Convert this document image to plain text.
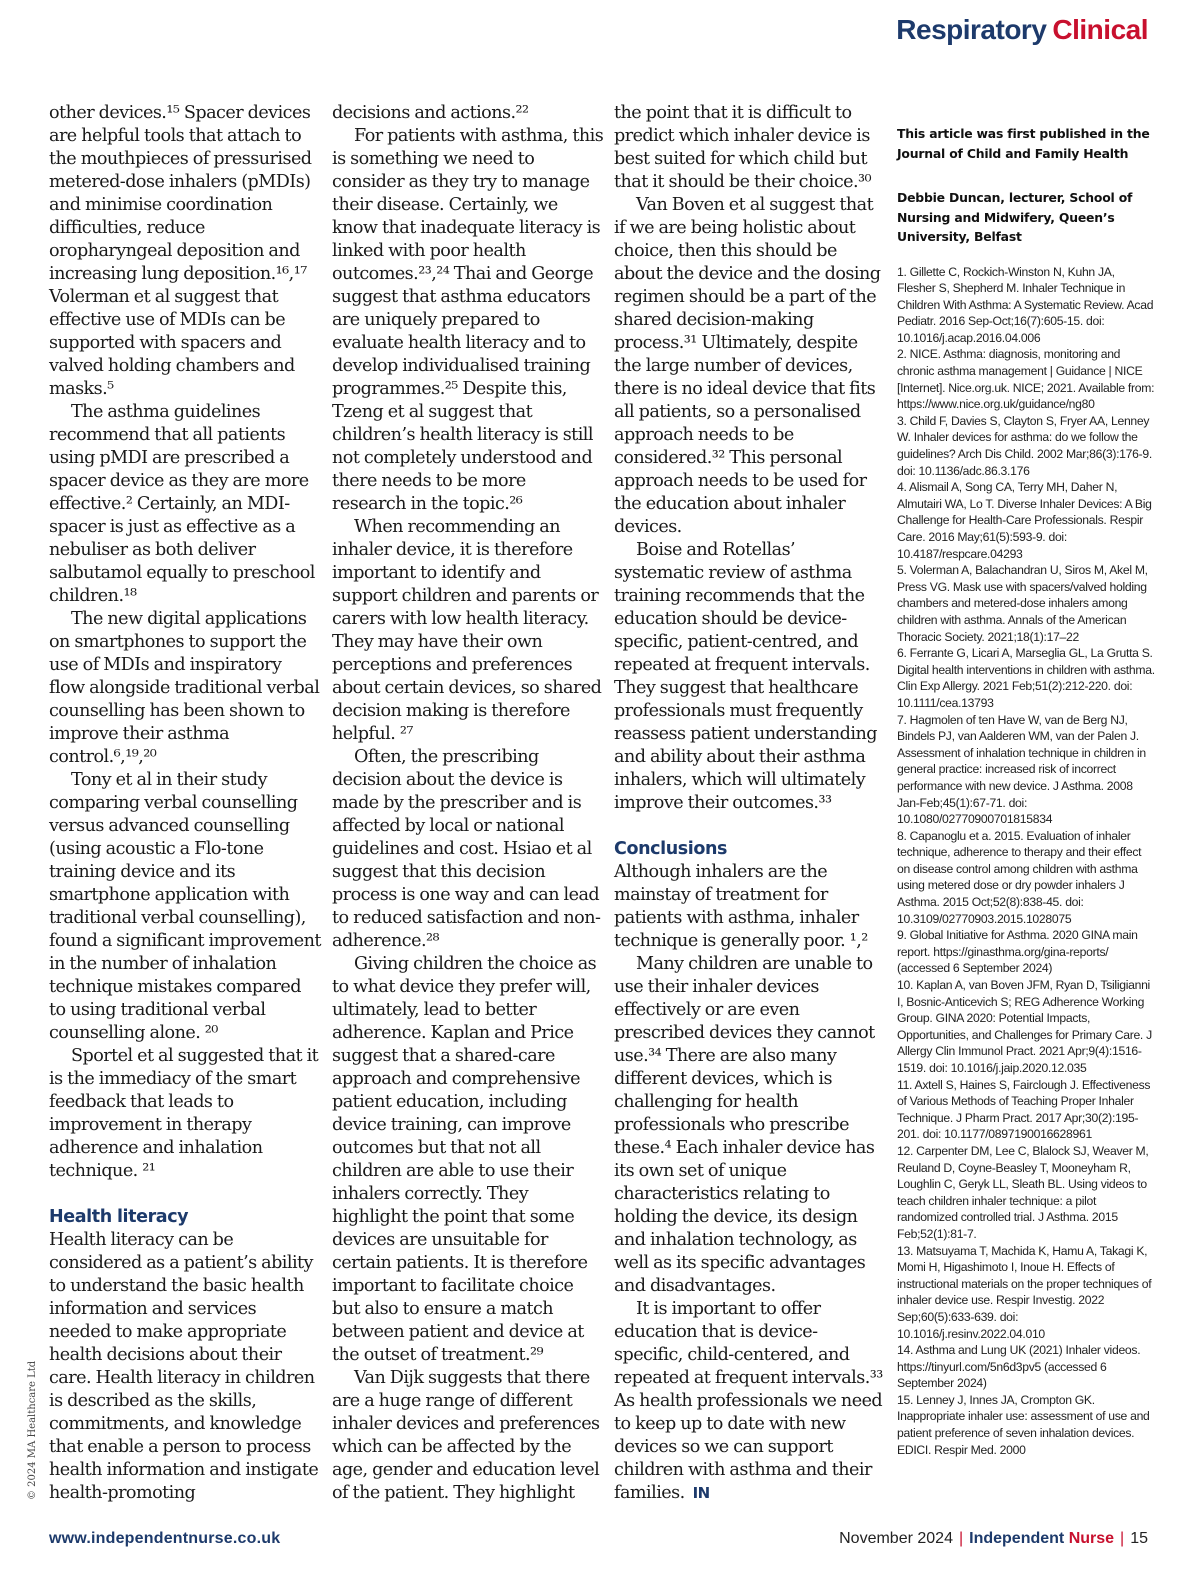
Respiratory Clinical

other devices.¹⁵ Spacer devices are helpful tools that attach to the mouthpieces of pressurised metered-dose inhalers (pMDIs) and minimise coordination difficulties, reduce oropharyngeal deposition and increasing lung deposition.¹⁶,¹⁷ Volerman et al suggest that effective use of MDIs can be supported with spacers and valved holding chambers and masks.⁵

The asthma guidelines recommend that all patients using pMDI are prescribed a spacer device as they are more effective.² Certainly, an MDI-spacer is just as effective as a nebuliser as both deliver salbutamol equally to preschool children.¹⁸

The new digital applications on smartphones to support the use of MDIs and inspiratory flow alongside traditional verbal counselling has been shown to improve their asthma control.⁶,¹⁹,²⁰

Tony et al in their study comparing verbal counselling versus advanced counselling (using acoustic a Flo-tone training device and its smartphone application with traditional verbal counselling), found a significant improvement in the number of inhalation technique mistakes compared to using traditional verbal counselling alone. ²⁰

Sportel et al suggested that it is the immediacy of the smart feedback that leads to improvement in therapy adherence and inhalation technique. ²¹

Health literacy

Health literacy can be considered as a patient’s ability to understand the basic health information and services needed to make appropriate health decisions about their care. Health literacy in children is described as the skills, commitments, and knowledge that enable a person to process health information and instigate health-promoting

decisions and actions.²²

For patients with asthma, this is something we need to consider as they try to manage their disease. Certainly, we know that inadequate literacy is linked with poor health outcomes.²³,²⁴ Thai and George suggest that asthma educators are uniquely prepared to evaluate health literacy and to develop individualised training programmes.²⁵ Despite this, Tzeng et al suggest that children’s health literacy is still not completely understood and there needs to be more research in the topic.²⁶

When recommending an inhaler device, it is therefore important to identify and support children and parents or carers with low health literacy. They may have their own perceptions and preferences about certain devices, so shared decision making is therefore helpful. ²⁷

Often, the prescribing decision about the device is made by the prescriber and is affected by local or national guidelines and cost. Hsiao et al suggest that this decision process is one way and can lead to reduced satisfaction and non-adherence.²⁸

Giving children the choice as to what device they prefer will, ultimately, lead to better adherence. Kaplan and Price suggest that a shared-care approach and comprehensive patient education, including device training, can improve outcomes but that not all children are able to use their inhalers correctly. They highlight the point that some devices are unsuitable for certain patients. It is therefore important to facilitate choice but also to ensure a match between patient and device at the outset of treatment.²⁹

Van Dijk suggests that there are a huge range of different inhaler devices and preferences which can be affected by the age, gender and education level of the patient. They highlight

the point that it is difficult to predict which inhaler device is best suited for which child but that it should be their choice.³⁰

Van Boven et al suggest that if we are being holistic about choice, then this should be about the device and the dosing regimen should be a part of the shared decision-making process.³¹ Ultimately, despite the large number of devices, there is no ideal device that fits all patients, so a personalised approach needs to be considered.³² This personal approach needs to be used for the education about inhaler devices.

Boise and Rotellas’ systematic review of asthma training recommends that the education should be device-specific, patient-centred, and repeated at frequent intervals. They suggest that healthcare professionals must frequently reassess patient understanding and ability about their asthma inhalers, which will ultimately improve their outcomes.³³

Conclusions

Although inhalers are the mainstay of treatment for patients with asthma, inhaler technique is generally poor. ¹,²

Many children are unable to use their inhaler devices effectively or are even prescribed devices they cannot use.³⁴ There are also many different devices, which is challenging for health professionals who prescribe these.⁴ Each inhaler device has its own set of unique characteristics relating to holding the device, its design and inhalation technology, as well as its specific advantages and disadvantages.

It is important to offer education that is device-specific, child-centered, and repeated at frequent intervals.³³ As health professionals we need to keep up to date with new devices so we can support children with asthma and their families. IN

This article was first published in the Journal of Child and Family Health

Debbie Duncan, lecturer, School of Nursing and Midwifery, Queen’s University, Belfast

1. Gillette C, Rockich-Winston N, Kuhn JA, Flesher S, Shepherd M. Inhaler Technique in Children With Asthma: A Systematic Review. Acad Pediatr. 2016 Sep-Oct;16(7):605-15. doi: 10.1016/j.acap.2016.04.006
2. NICE. Asthma: diagnosis, monitoring and chronic asthma management | Guidance | NICE [Internet]. Nice.org.uk. NICE; 2021. Available from: https://www.nice.org.uk/guidance/ng80
3. Child F, Davies S, Clayton S, Fryer AA, Lenney W. Inhaler devices for asthma: do we follow the guidelines? Arch Dis Child. 2002 Mar;86(3):176-9. doi: 10.1136/adc.86.3.176
4. Alismail A, Song CA, Terry MH, Daher N, Almutairi WA, Lo T. Diverse Inhaler Devices: A Big Challenge for Health-Care Professionals. Respir Care. 2016 May;61(5):593-9. doi: 10.4187/respcare.04293
5. Volerman A, Balachandran U, Siros M, Akel M, Press VG. Mask use with spacers/valved holding chambers and metered-dose inhalers among children with asthma. Annals of the American Thoracic Society. 2021;18(1):17–22
6. Ferrante G, Licari A, Marseglia GL, La Grutta S. Digital health interventions in children with asthma. Clin Exp Allergy. 2021 Feb;51(2):212-220. doi: 10.1111/cea.13793
7. Hagmolen of ten Have W, van de Berg NJ, Bindels PJ, van Aalderen WM, van der Palen J. Assessment of inhalation technique in children in general practice: increased risk of incorrect performance with new device. J Asthma. 2008 Jan-Feb;45(1):67-71. doi: 10.1080/02770900701815834
8. Capanoglu et a. 2015. Evaluation of inhaler technique, adherence to therapy and their effect on disease control among children with asthma using metered dose or dry powder inhalers J Asthma. 2015 Oct;52(8):838-45. doi: 10.3109/02770903.2015.1028075
9. Global Initiative for Asthma. 2020 GINA main report. https://ginasthma.org/gina-reports/ (accessed 6 September 2024)
10. Kaplan A, van Boven JFM, Ryan D, Tsiligianni I, Bosnic-Anticevich S; REG Adherence Working Group. GINA 2020: Potential Impacts, Opportunities, and Challenges for Primary Care. J Allergy Clin Immunol Pract. 2021 Apr;9(4):1516-1519. doi: 10.1016/j.jaip.2020.12.035
11. Axtell S, Haines S, Fairclough J. Effectiveness of Various Methods of Teaching Proper Inhaler Technique. J Pharm Pract. 2017 Apr;30(2):195-201. doi: 10.1177/0897190016628961
12. Carpenter DM, Lee C, Blalock SJ, Weaver M, Reuland D, Coyne-Beasley T, Mooneyham R, Loughlin C, Geryk LL, Sleath BL. Using videos to teach children inhaler technique: a pilot randomized controlled trial. J Asthma. 2015 Feb;52(1):81-7.
13. Matsuyama T, Machida K, Hamu A, Takagi K, Momi H, Higashimoto I, Inoue H. Effects of instructional materials on the proper techniques of inhaler device use. Respir Investig. 2022 Sep;60(5):633-639. doi: 10.1016/j.resinv.2022.04.010
14. Asthma and Lung UK (2021) Inhaler videos. https://tinyurl.com/5n6d3pv5 (accessed 6 September 2024)
15. Lenney J, Innes JA, Crompton GK. Inappropriate inhaler use: assessment of use and patient preference of seven inhalation devices. EDICI. Respir Med. 2000
© 2024 MA Healthcare Ltd
www.independentnurse.co.uk	November 2024 | Independent Nurse | 15
